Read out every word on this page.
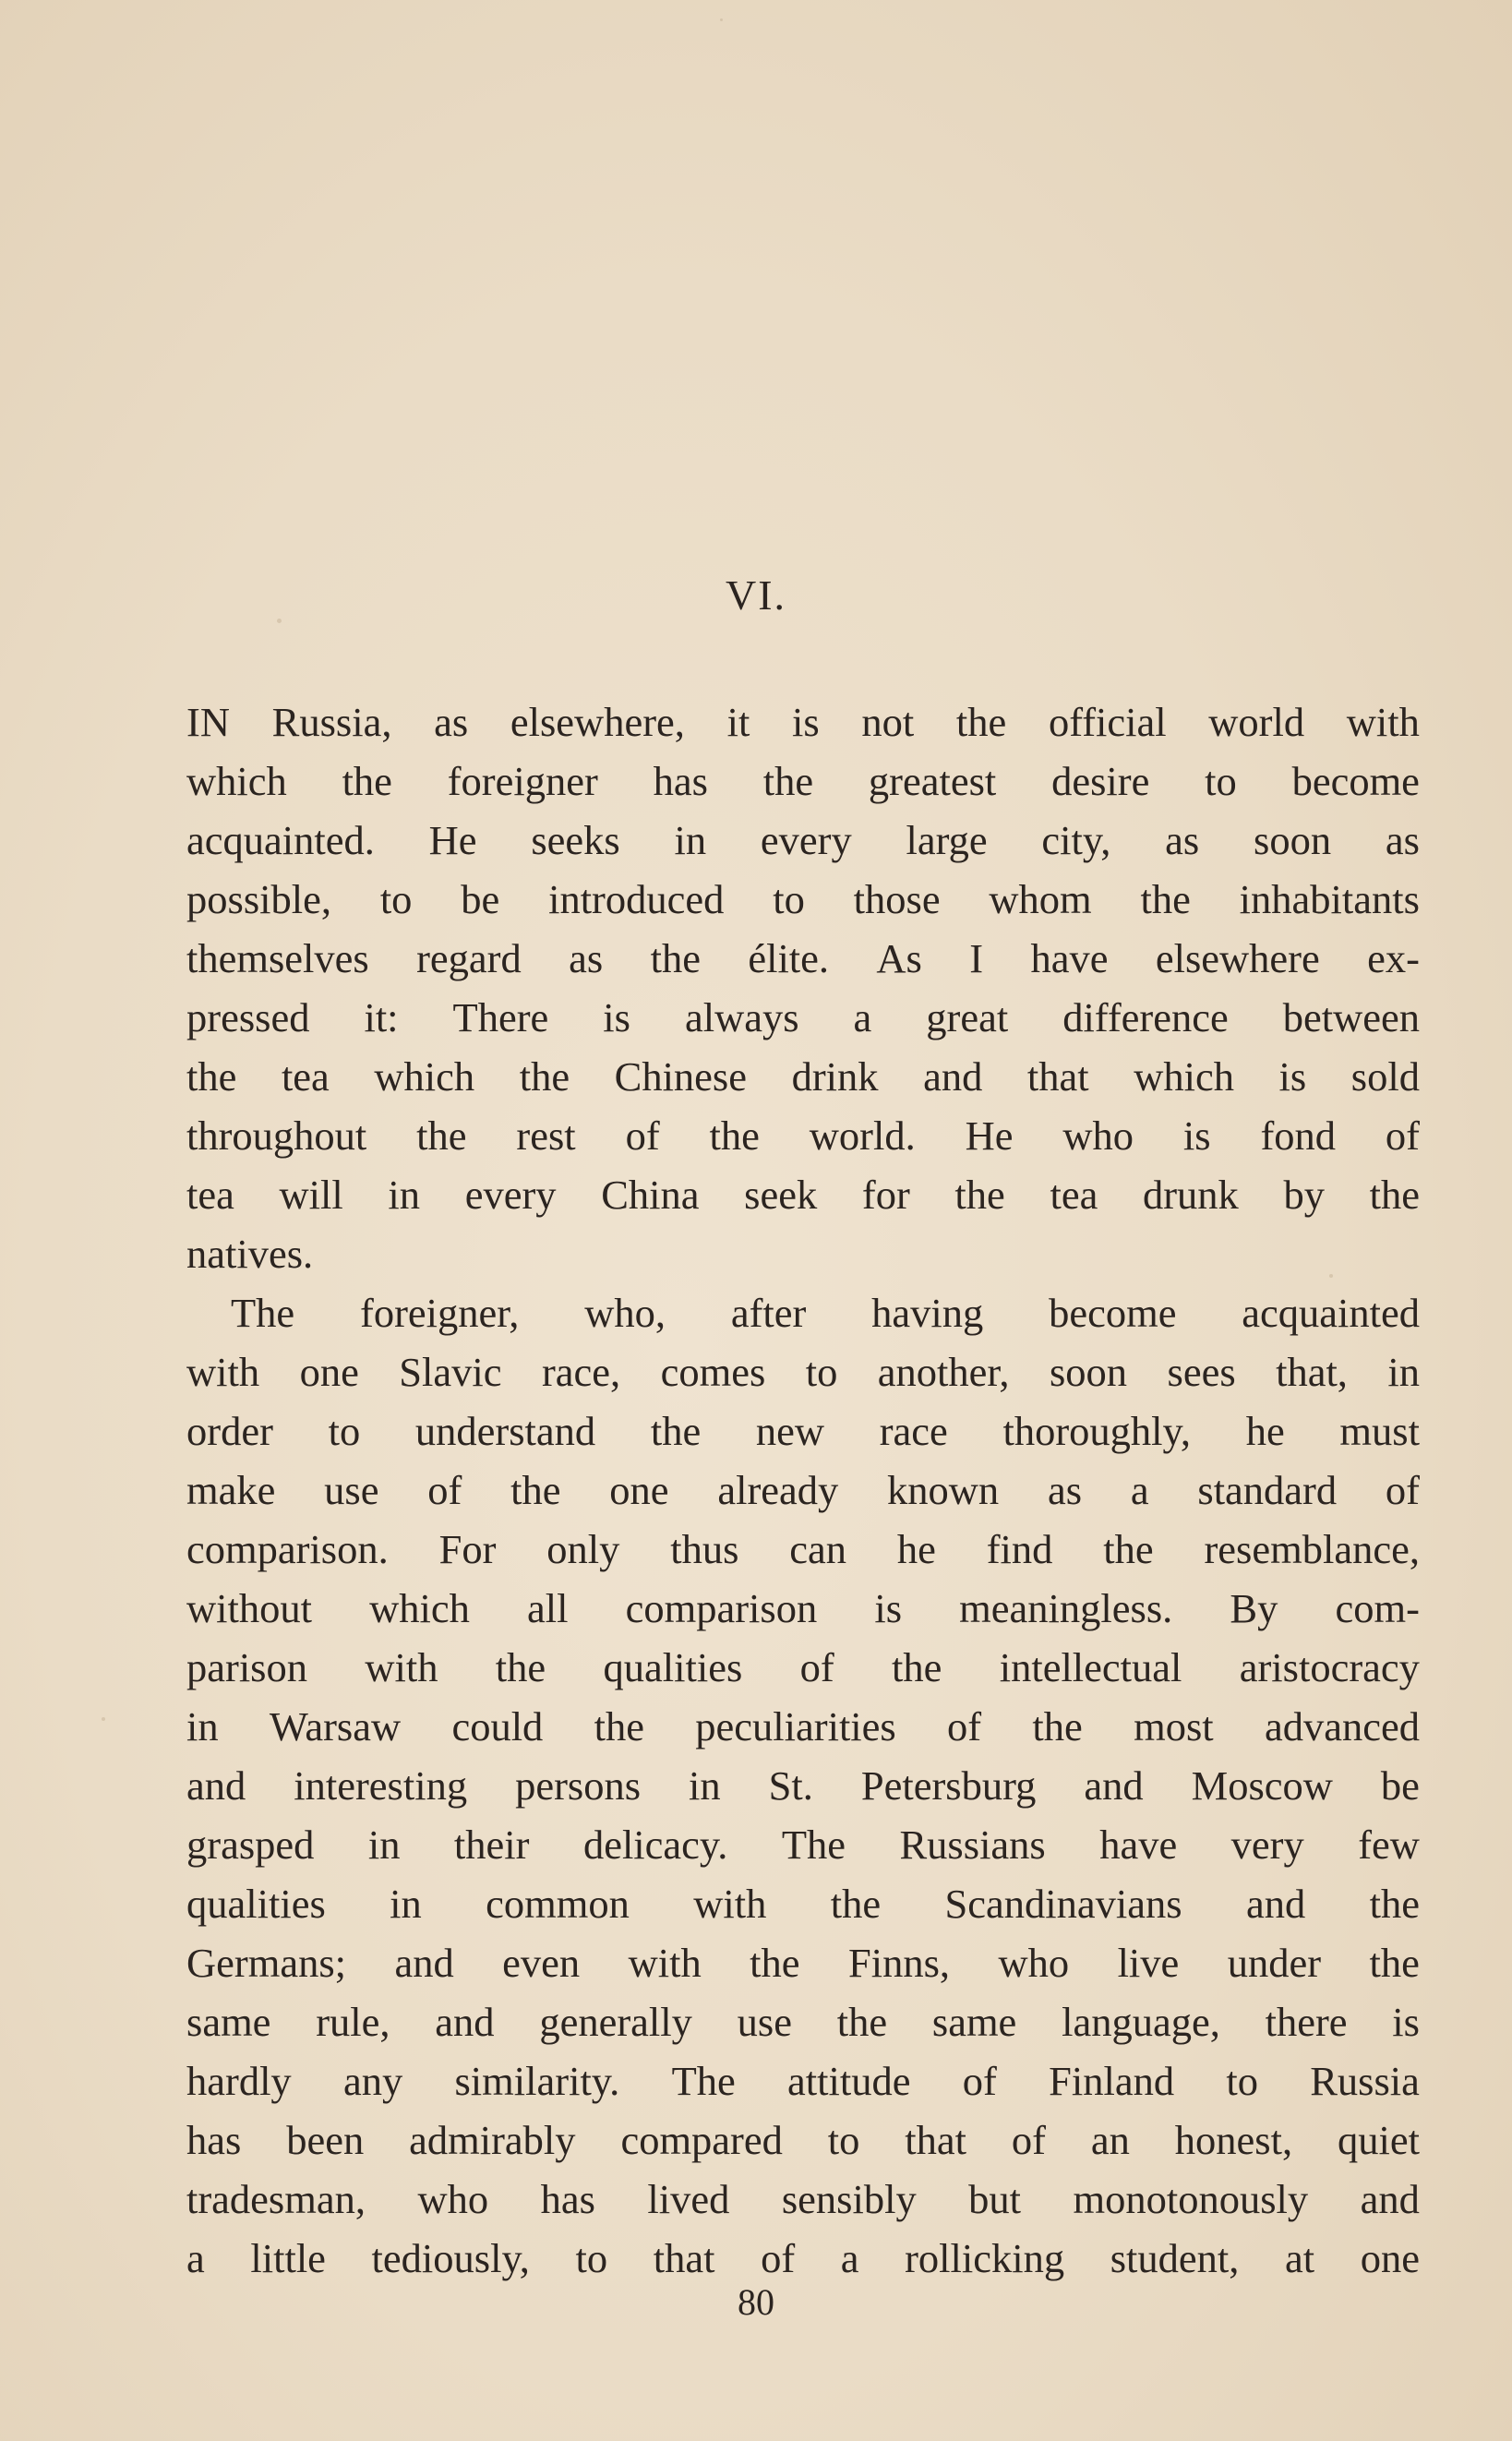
VI.
IN Russia, as elsewhere, it is not the official world with
which the foreigner has the greatest desire to become
acquainted. He seeks in every large city, as soon as
possible, to be introduced to those whom the inhabitants
themselves regard as the élite. As I have elsewhere ex-
pressed it: There is always a great difference between
the tea which the Chinese drink and that which is sold
throughout the rest of the world. He who is fond of
tea will in every China seek for the tea drunk by the
natives.
The foreigner, who, after having become acquainted
with one Slavic race, comes to another, soon sees that, in
order to understand the new race thoroughly, he must
make use of the one already known as a standard of
comparison. For only thus can he find the resemblance,
without which all comparison is meaningless. By com-
parison with the qualities of the intellectual aristocracy
in Warsaw could the peculiarities of the most advanced
and interesting persons in St. Petersburg and Moscow be
grasped in their delicacy. The Russians have very few
qualities in common with the Scandinavians and the
Germans; and even with the Finns, who live under the
same rule, and generally use the same language, there is
hardly any similarity. The attitude of Finland to Russia
has been admirably compared to that of an honest, quiet
tradesman, who has lived sensibly but monotonously and
a little tediously, to that of a rollicking student, at one
80
